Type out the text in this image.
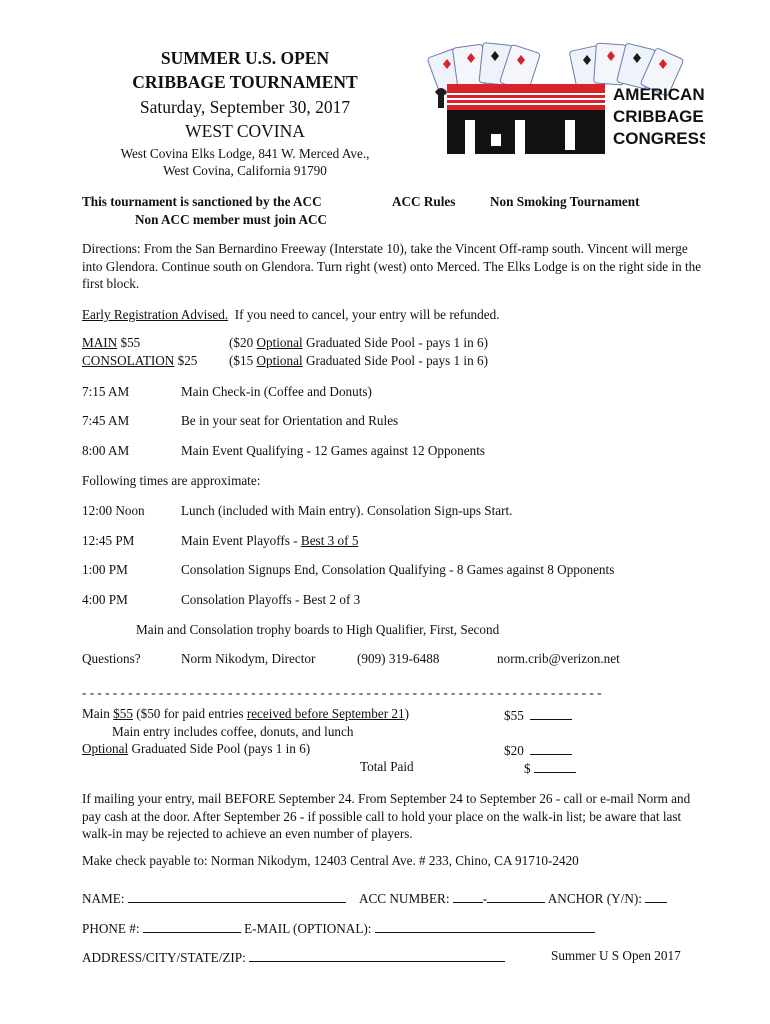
SUMMER U.S. OPEN
CRIBBAGE TOURNAMENT
Saturday, September 30, 2017
WEST COVINA
West Covina Elks Lodge, 841 W. Merced Ave.,
West Covina, California 91790
AMERICAN
CRIBBAGE
CONGRESS
This tournament is sanctioned by the ACC
Non ACC member must join ACC
ACC Rules	Non Smoking Tournament
Directions: From the San Bernardino Freeway (Interstate 10), take the Vincent Off-ramp south. Vincent will merge into Glendora. Continue south on Glendora. Turn right (west) onto Merced. The Elks Lodge is on the right side in the first block.
Early Registration Advised. If you need to cancel, your entry will be refunded.
MAIN $55	($20 Optional Graduated Side Pool - pays 1 in 6)
CONSOLATION $25 ($15 Optional Graduated Side Pool - pays 1 in 6)
7:15 AM	Main Check-in (Coffee and Donuts)
7:45 AM	Be in your seat for Orientation and Rules
8:00 AM	Main Event Qualifying - 12 Games against 12 Opponents
Following times are approximate:
12:00 Noon	Lunch (included with Main entry). Consolation Sign-ups Start.
12:45 PM	Main Event Playoffs - Best 3 of 5
1:00 PM	Consolation Signups End, Consolation Qualifying - 8 Games against 8 Opponents
4:00 PM	Consolation Playoffs - Best 2 of 3
Main and Consolation trophy boards to High Qualifier, First, Second
Questions?	Norm Nikodym, Director	(909) 319-6488	norm.crib@verizon.net
- - - - - - - - - - - - - - - - - - - - - - - - - - - - - - - - - - - - - - - - - - - - - - - - - - - - - - - - - - - - - - - - - - - -
Main $55 ($50 for paid entries received before September 21)	$55
Main entry includes coffee, donuts, and lunch
Optional Graduated Side Pool (pays 1 in 6)	$20
Total Paid	$
If mailing your entry, mail BEFORE September 24. From September 24 to September 26 - call or e-mail Norm and pay cash at the door. After September 26 - if possible call to hold your place on the walk-in list; be aware that last walk-in may be rejected to achieve an even number of players.
Make check payable to: Norman Nikodym, 12403 Central Ave. # 233, Chino, CA 91710-2420
NAME:	ACC NUMBER:	-	ANCHOR (Y/N):
PHONE #:	E-MAIL (OPTIONAL):
ADDRESS/CITY/STATE/ZIP:	Summer U S Open 2017
